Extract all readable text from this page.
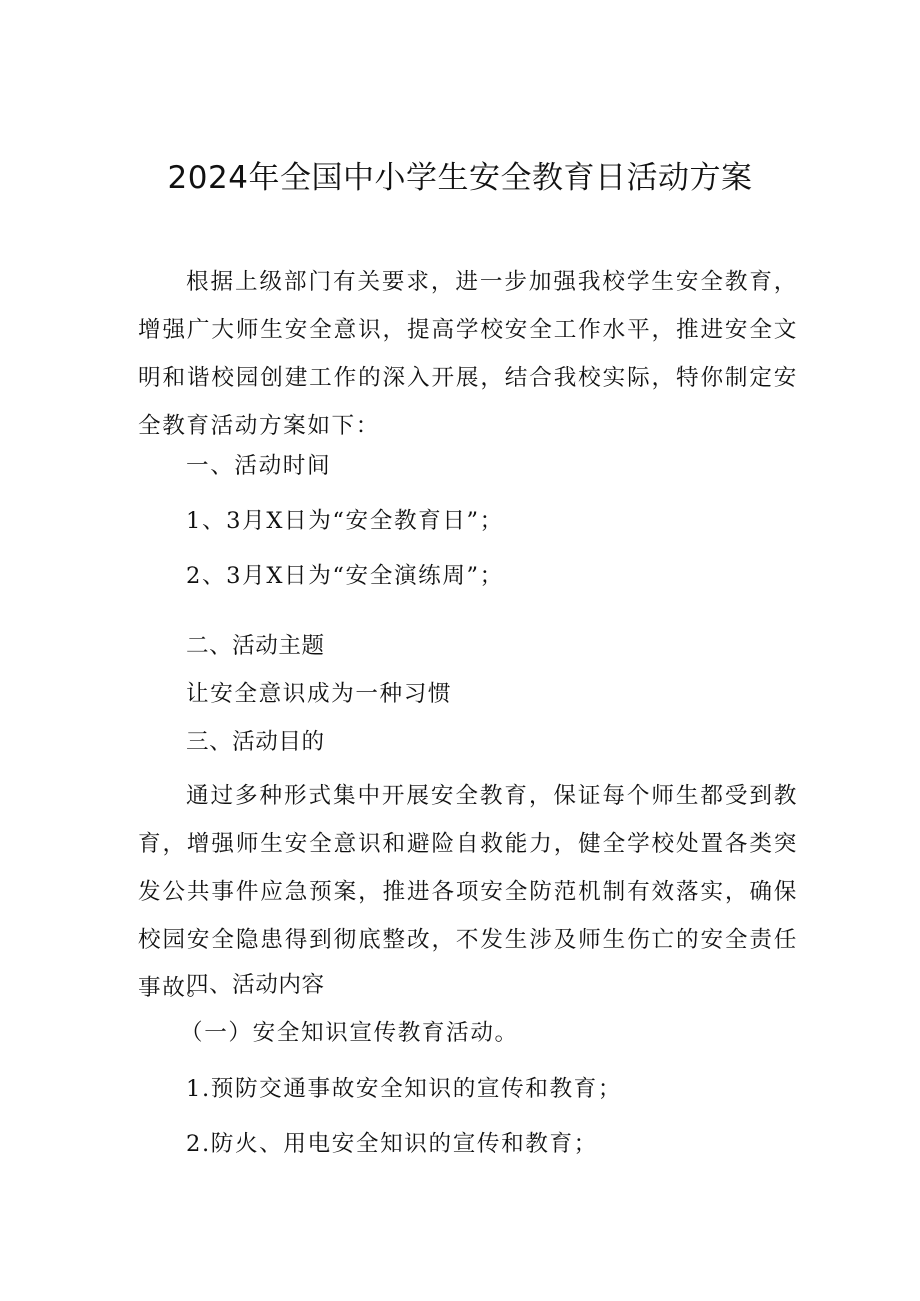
2024年全国中小学生安全教育日活动方案
根据上级部门有关要求，进一步加强我校学生安全教育，增强广大师生安全意识，提高学校安全工作水平，推进安全文明和谐校园创建工作的深入开展，结合我校实际，特你制定安全教育活动方案如下：
一、活动时间
1、3月X日为“安全教育日”；
2、3月X日为“安全演练周”；
二、活动主题
让安全意识成为一种习惯
三、活动目的
通过多种形式集中开展安全教育，保证每个师生都受到教育，增强师生安全意识和避险自救能力，健全学校处置各类突发公共事件应急预案，推进各项安全防范机制有效落实，确保校园安全隐患得到彻底整改，不发生涉及师生伤亡的安全责任事故。
四、活动内容
（一）安全知识宣传教育活动。
1.预防交通事故安全知识的宣传和教育；
2.防火、用电安全知识的宣传和教育；
